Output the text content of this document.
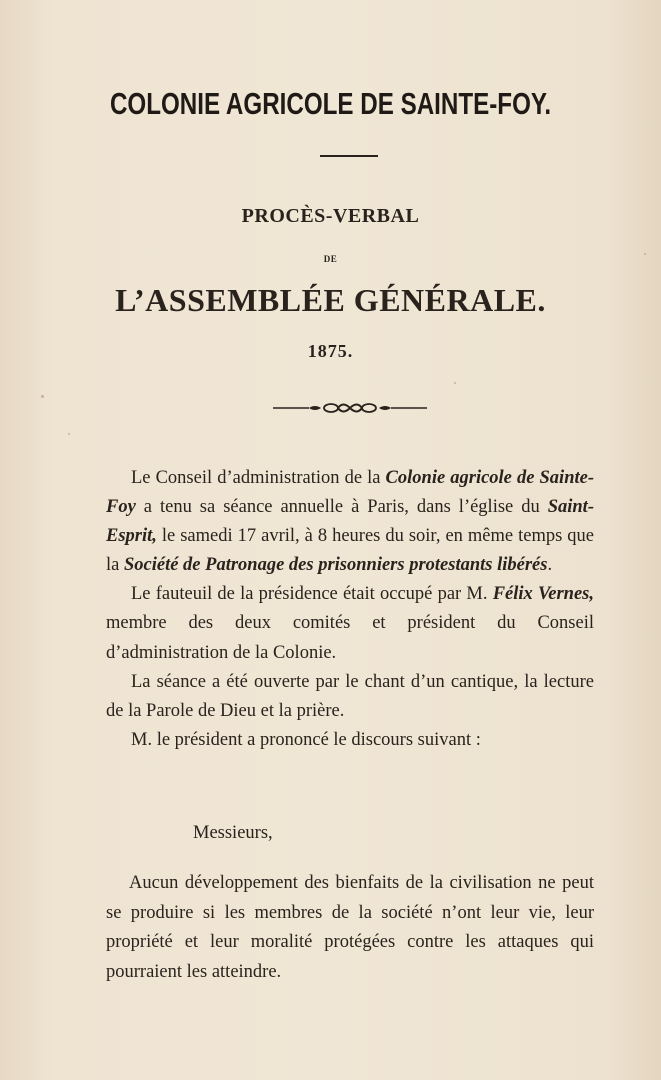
COLONIE AGRICOLE DE SAINTE-FOY.
PROCÈS-VERBAL
DE
L’ASSEMBLÉE GÉNÉRALE.
1875.

Le Conseil d’administration de la Colonie agricole de Sainte-Foy a tenu sa séance annuelle à Paris, dans l’église du Saint-Esprit, le samedi 17 avril, à 8 heures du soir, en même temps que la Société de Patronage des prisonniers protestants libérés.

Le fauteuil de la présidence était occupé par M. Félix Vernes, membre des deux comités et président du Conseil d’administration de la Colonie.

La séance a été ouverte par le chant d’un cantique, la lecture de la Parole de Dieu et la prière.

M. le président a prononcé le discours suivant :

Messieurs,

Aucun développement des bienfaits de la civilisation ne peut se produire si les membres de la société n’ont leur vie, leur propriété et leur moralité protégées contre les attaques qui pourraient les atteindre.
